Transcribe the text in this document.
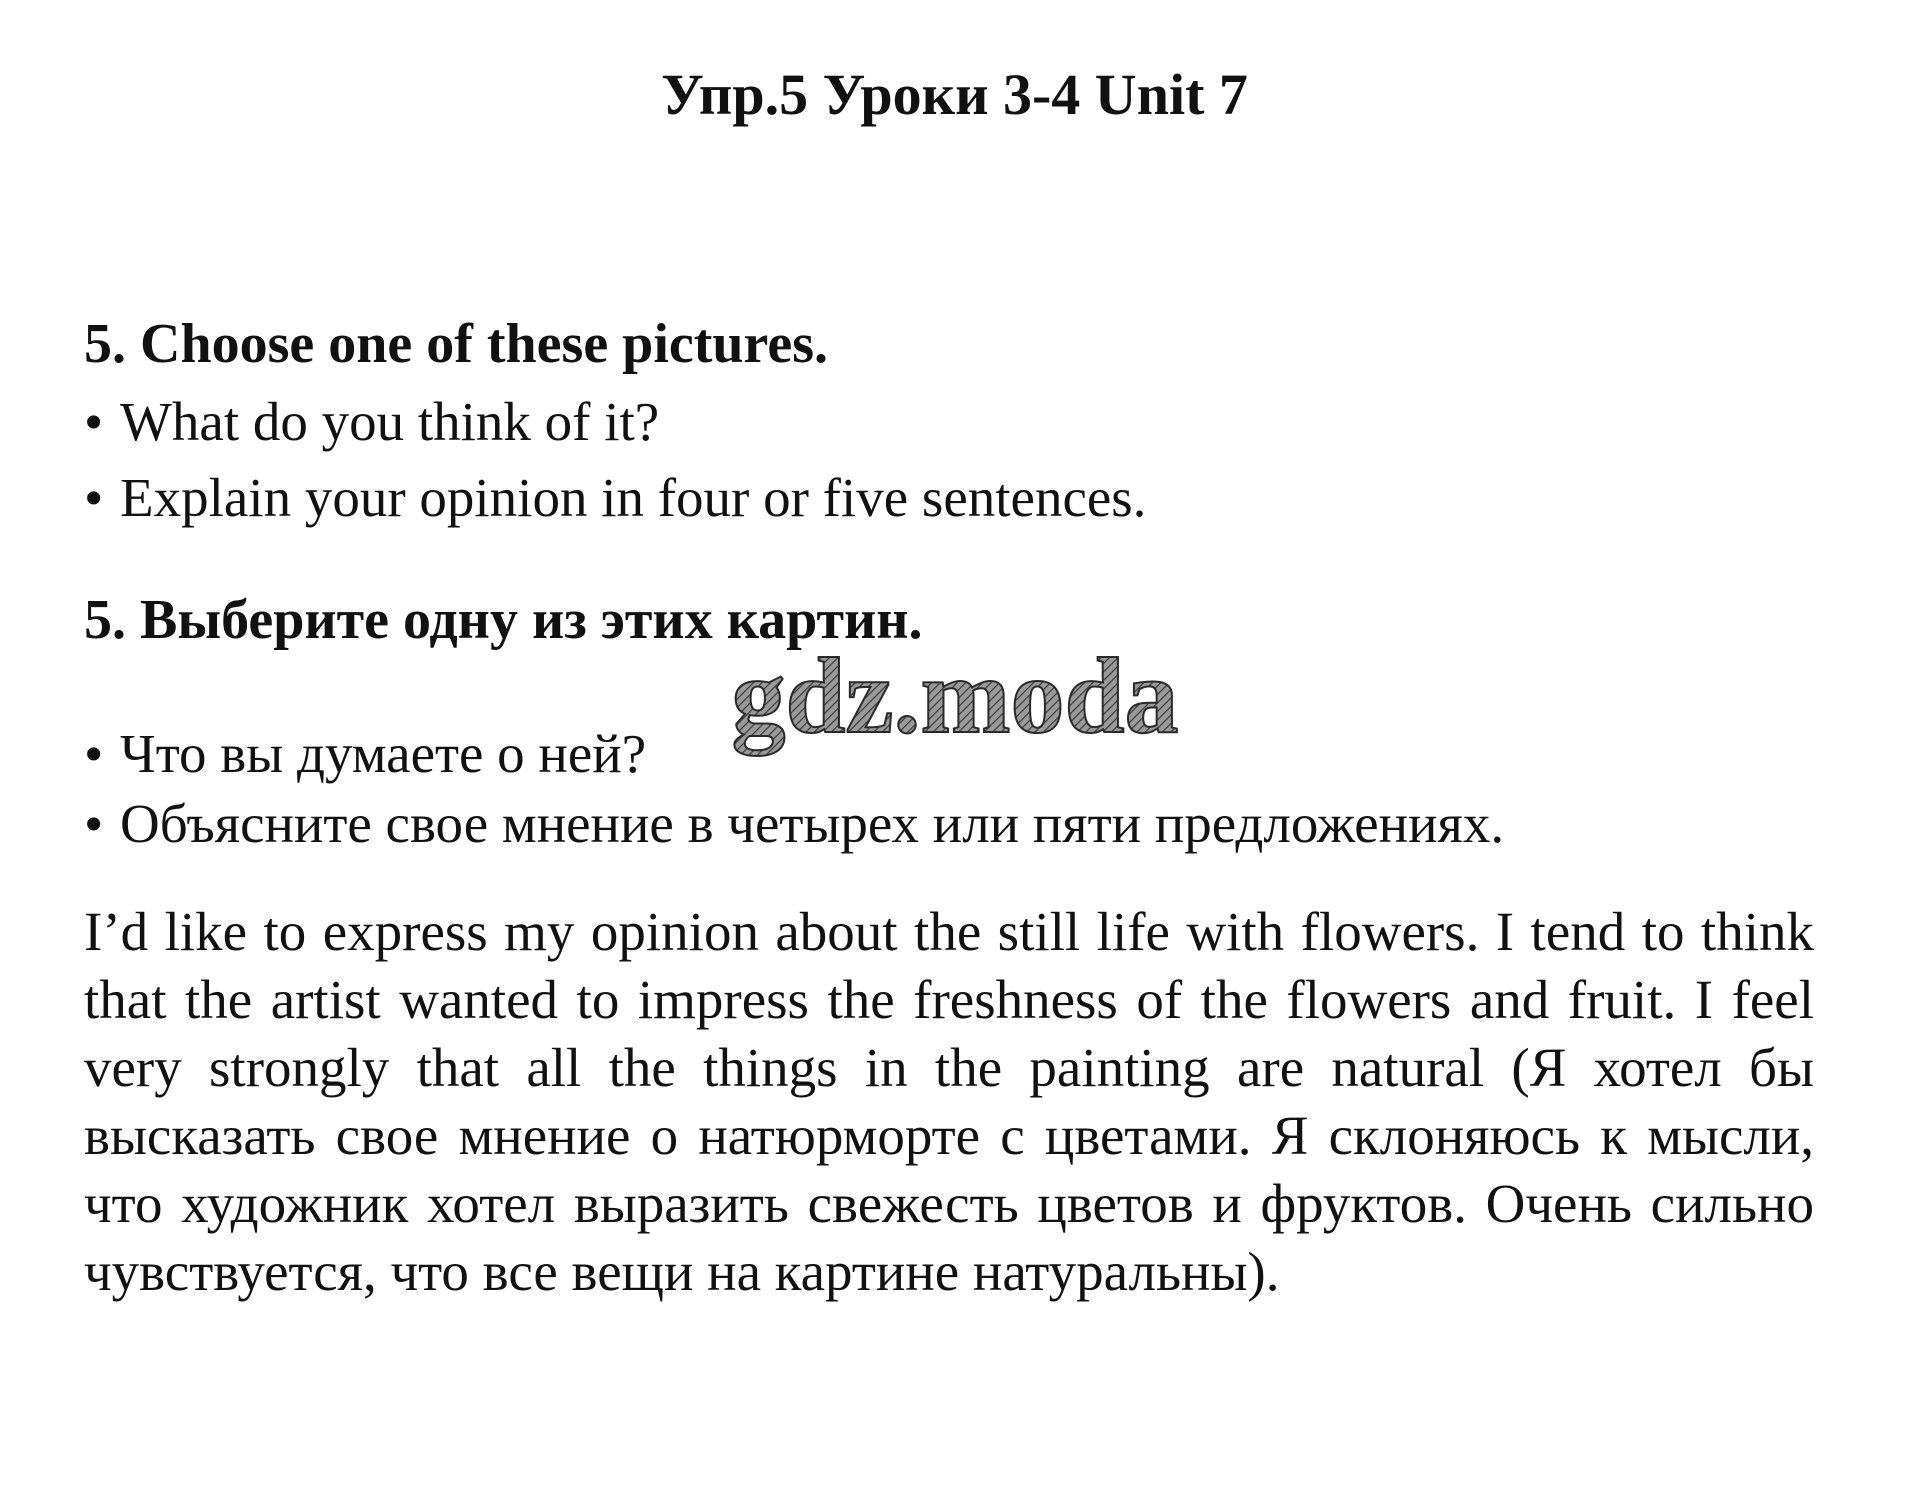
Упр.5 Уроки 3-4 Unit 7

5. Choose one of these pictures.

• What do you think of it?

• Explain your opinion in four or five sentences.

5. Выберите одну из этих картин.

• Что вы думаете о ней?

• Объясните свое мнение в четырех или пяти предложениях.

gdz.moda

I’d like to express my opinion about the still life with flowers. I tend to think that the artist wanted to impress the freshness of the flowers and fruit. I feel very strongly that all the things in the painting are natural (Я хотел бы высказать свое мнение о натюрморте с цветами. Я склоняюсь к мысли, что художник хотел выразить свежесть цветов и фруктов. Очень сильно чувствуется, что все вещи на картине натуральны).
